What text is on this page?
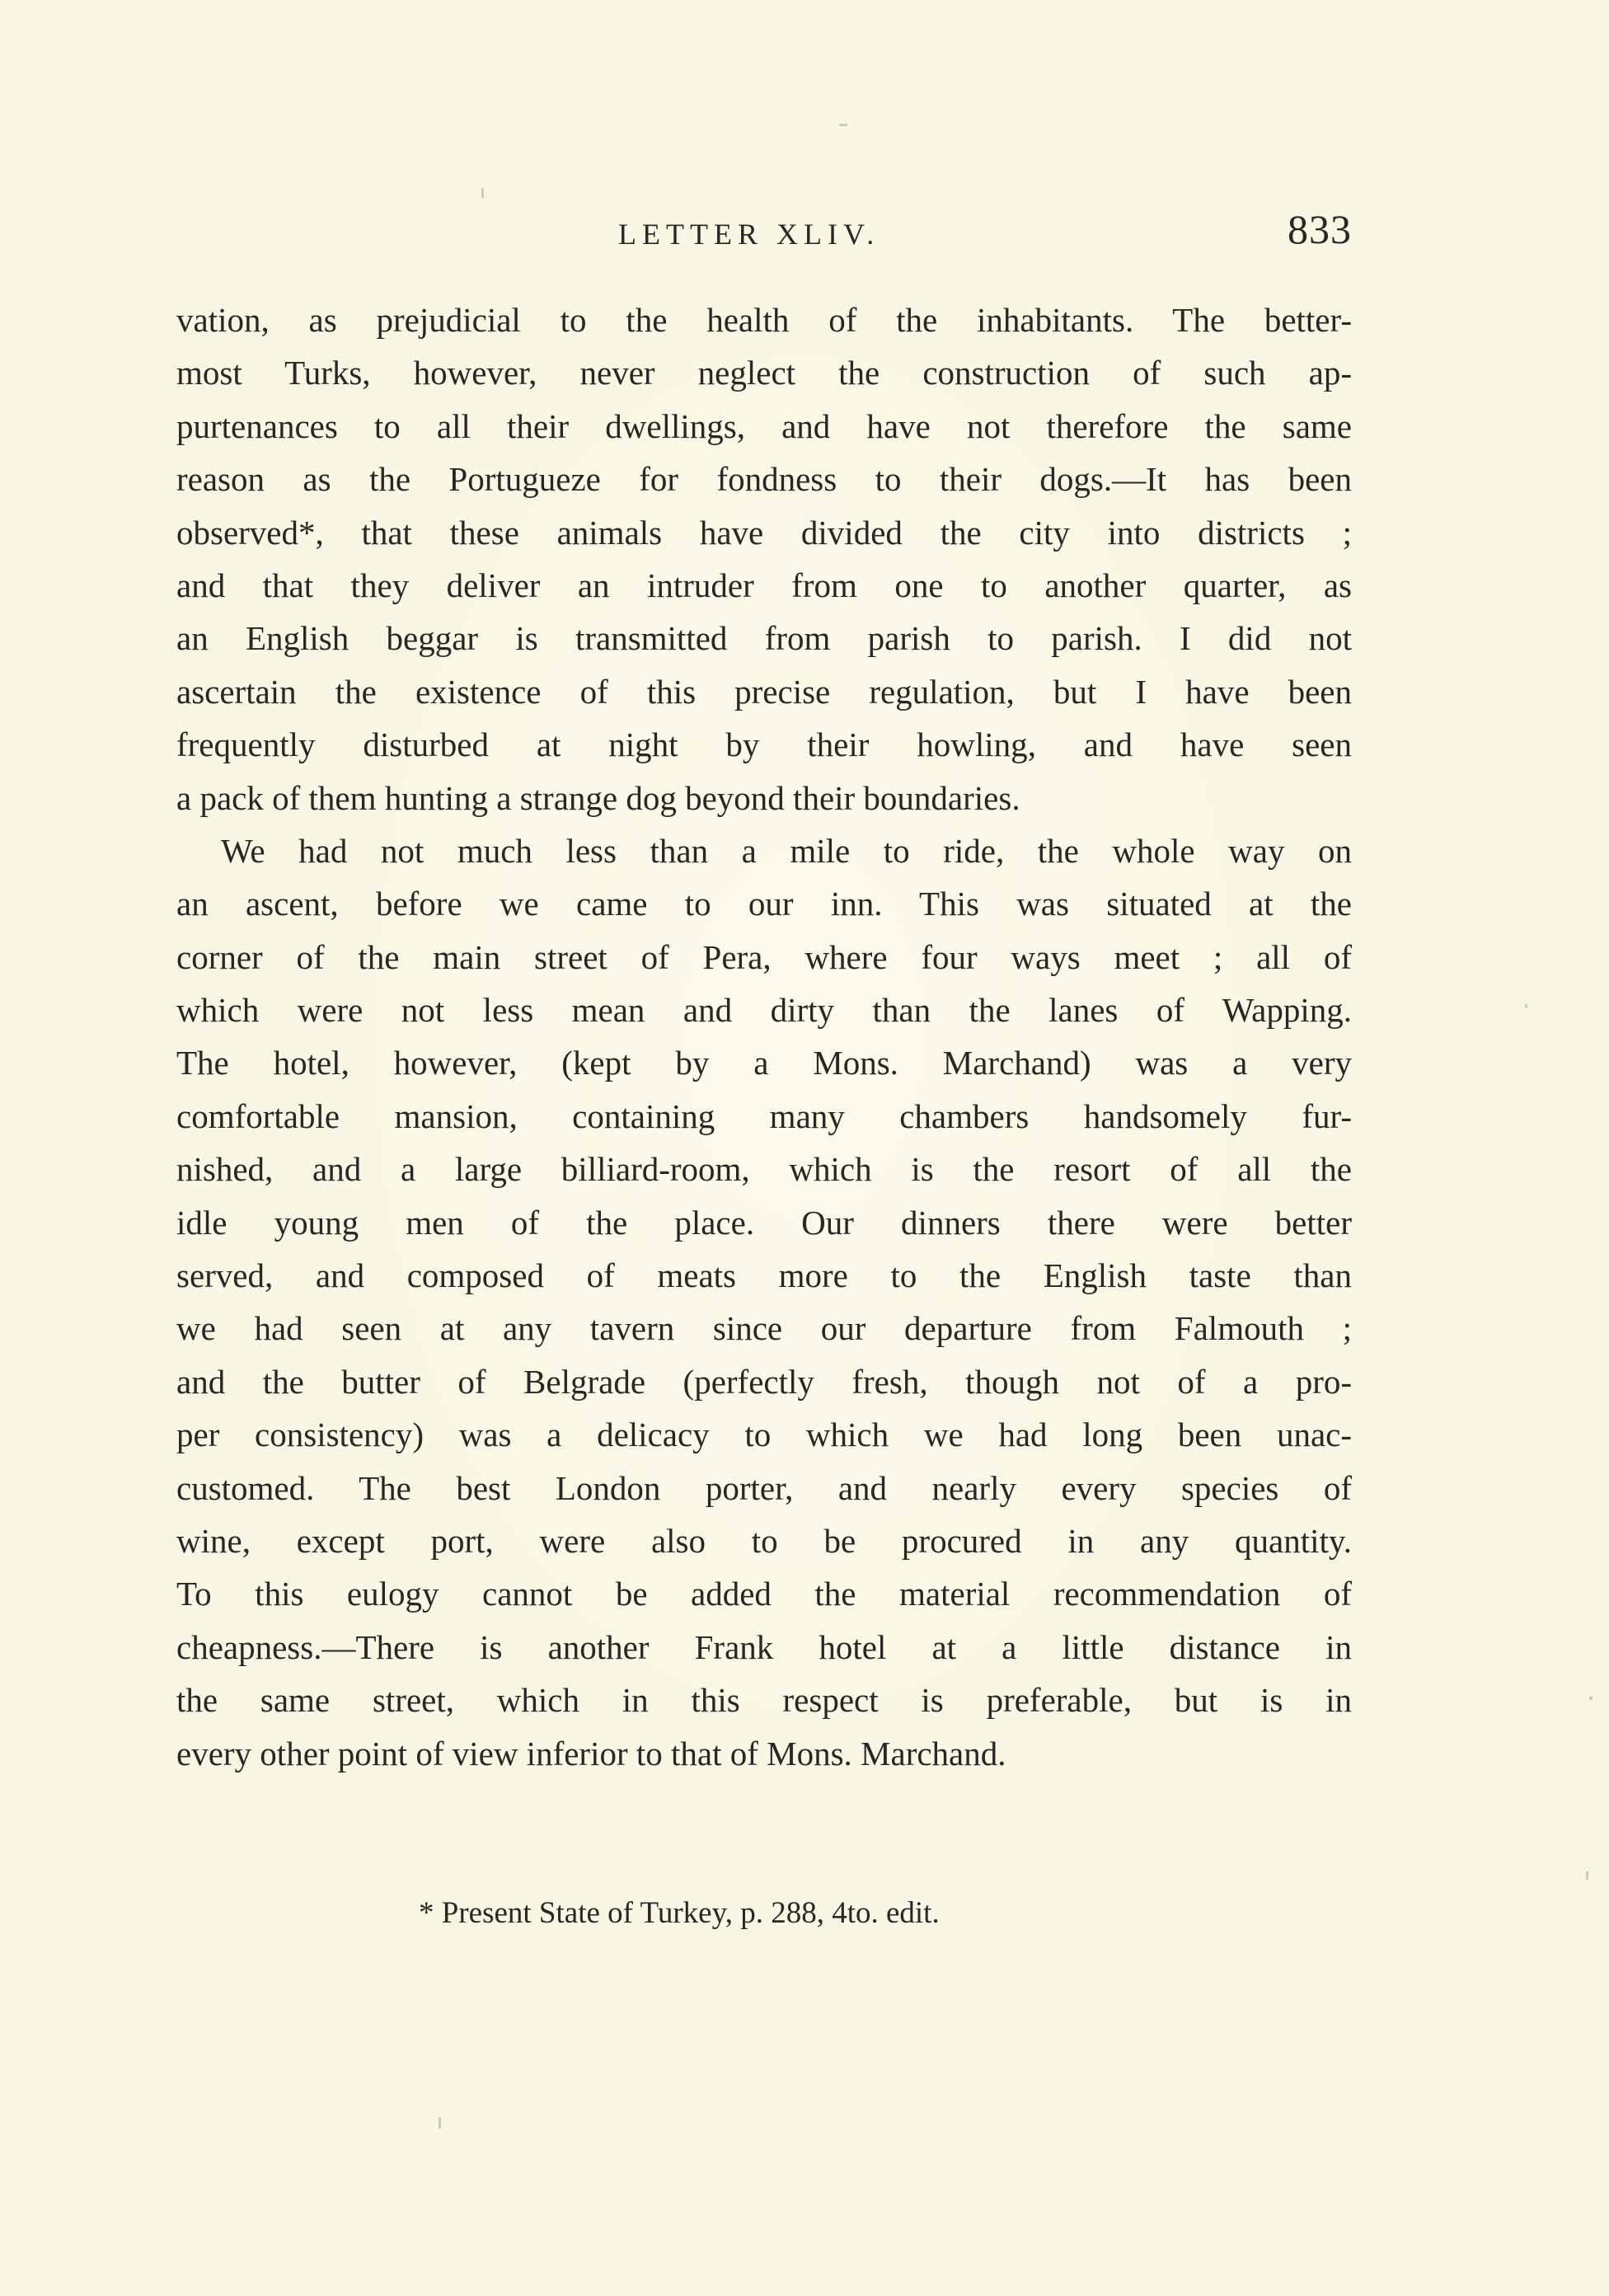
LETTER XLIV.	833
vation, as prejudicial to the health of the inhabitants. The better-
most Turks, however, never neglect the construction of such ap-
purtenances to all their dwellings, and have not therefore the same
reason as the Portugueze for fondness to their dogs.—It has been
observed*, that these animals have divided the city into districts ;
and that they deliver an intruder from one to another quarter, as
an English beggar is transmitted from parish to parish. I did not
ascertain the existence of this precise regulation, but I have been
frequently disturbed at night by their howling, and have seen
a pack of them hunting a strange dog beyond their boundaries.
We had not much less than a mile to ride, the whole way on
an ascent, before we came to our inn. This was situated at the
corner of the main street of Pera, where four ways meet ; all of
which were not less mean and dirty than the lanes of Wapping.
The hotel, however, (kept by a Mons. Marchand) was a very
comfortable mansion, containing many chambers handsomely fur-
nished, and a large billiard-room, which is the resort of all the
idle young men of the place. Our dinners there were better
served, and composed of meats more to the English taste than
we had seen at any tavern since our departure from Falmouth ;
and the butter of Belgrade (perfectly fresh, though not of a pro-
per consistency) was a delicacy to which we had long been unac-
customed. The best London porter, and nearly every species of
wine, except port, were also to be procured in any quantity.
To this eulogy cannot be added the material recommendation of
cheapness.—There is another Frank hotel at a little distance in
the same street, which in this respect is preferable, but is in
every other point of view inferior to that of Mons. Marchand.
* Present State of Turkey, p. 288, 4to. edit.
